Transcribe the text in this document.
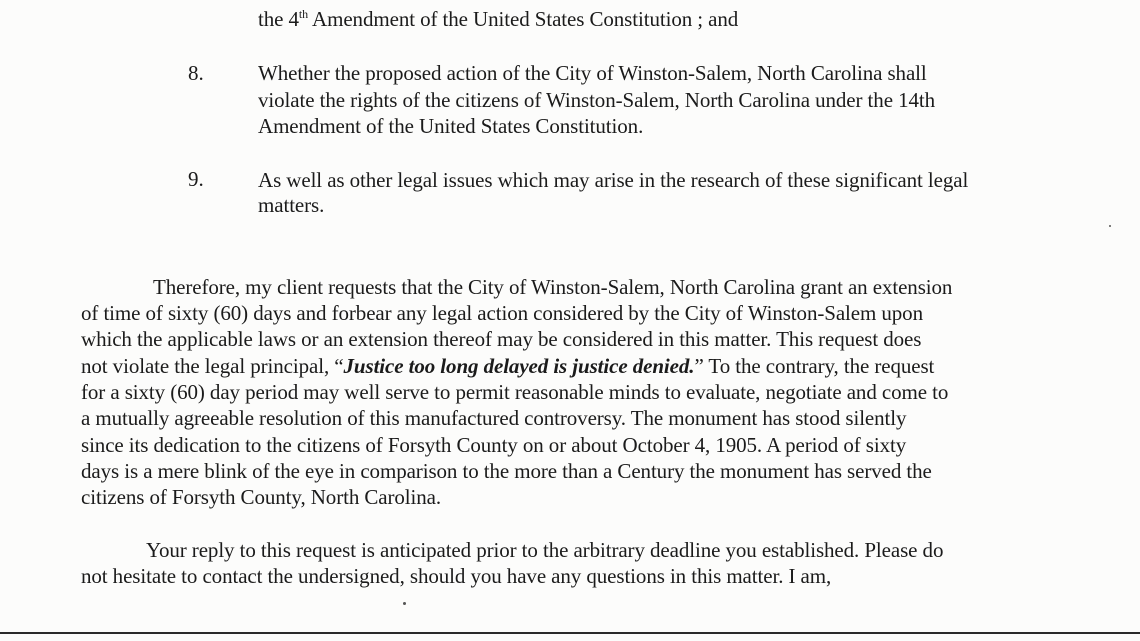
the 4th Amendment of the United States Constitution ; and
8.	Whether the proposed action of the City of Winston-Salem, North Carolina shall
violate the rights of the citizens of Winston-Salem, North Carolina under the 14th
Amendment of the United States Constitution.
9.	As well as other legal issues which may arise in the research of these significant legal
matters.
Therefore, my client requests that the City of Winston-Salem, North Carolina grant an extension
of time of sixty (60) days and forbear any legal action considered by the City of Winston-Salem upon
which the applicable laws or an extension thereof may be considered in this matter. This request does
not violate the legal principal, “Justice too long delayed is justice denied.” To the contrary, the request
for a sixty (60) day period may well serve to permit reasonable minds to evaluate, negotiate and come to
a mutually agreeable resolution of this manufactured controversy. The monument has stood silently
since its dedication to the citizens of Forsyth County on or about October 4, 1905. A period of sixty
days is a mere blink of the eye in comparison to the more than a Century the monument has served the
citizens of Forsyth County, North Carolina.
Your reply to this request is anticipated prior to the arbitrary deadline you established. Please do
not hesitate to contact the undersigned, should you have any questions in this matter. I am,
